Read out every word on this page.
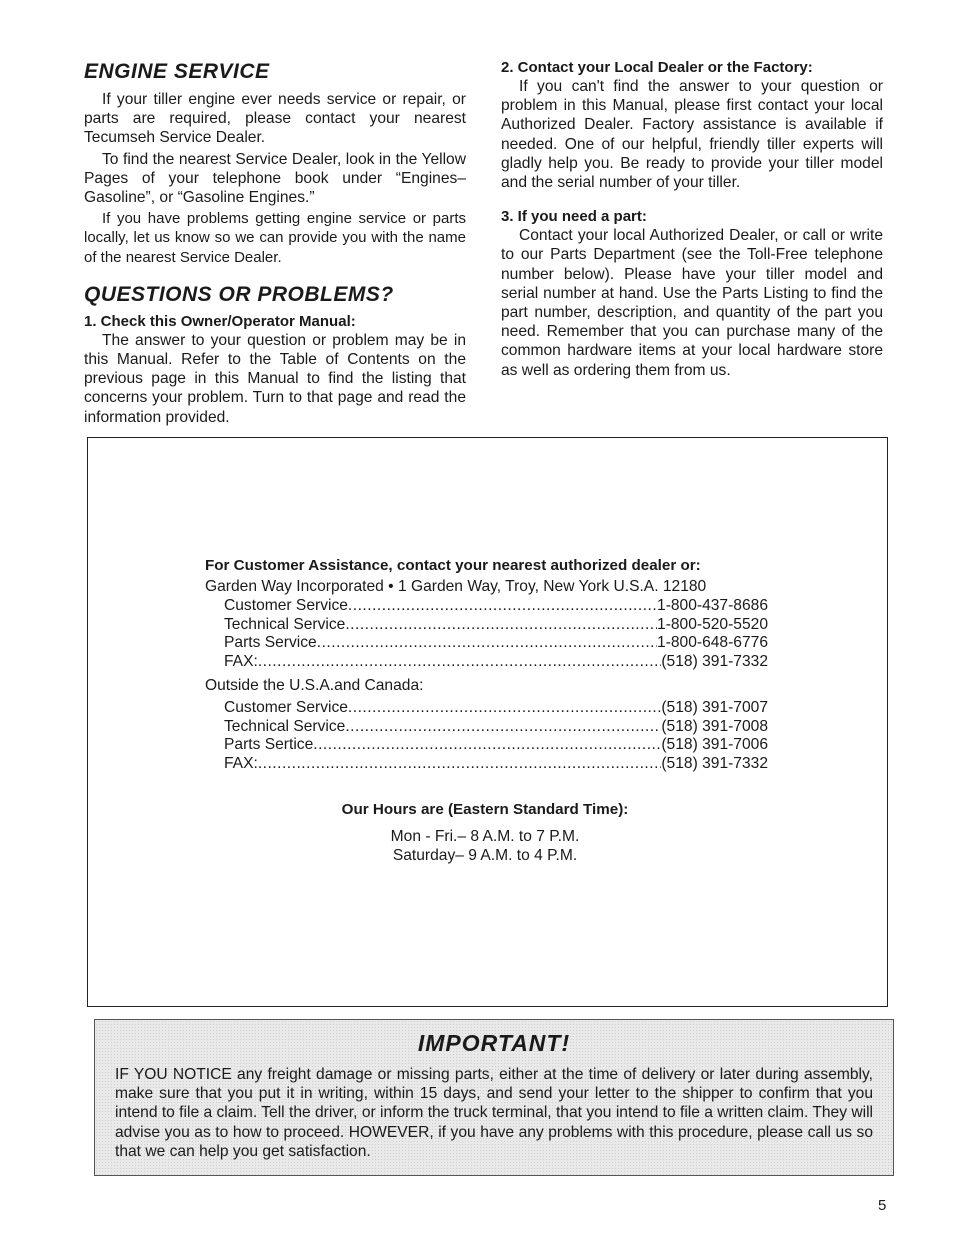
ENGINE SERVICE

If your tiller engine ever needs service or repair, or parts are required, please contact your nearest Tecumseh Service Dealer.

To find the nearest Service Dealer, look in the Yellow Pages of your telephone book under “Engines– Gasoline”, or “Gasoline Engines.”

If you have problems getting engine service or parts locally, let us know so we can provide you with the name of the nearest Service Dealer.

QUESTIONS OR PROBLEMS?

1. Check this Owner/Operator Manual:

The answer to your question or problem may be in this Manual. Refer to the Table of Contents on the previous page in this Manual to find the listing that concerns your problem. Turn to that page and read the information provided.

2. Contact your Local Dealer or the Factory:

If you can't find the answer to your question or problem in this Manual, please first contact your local Authorized Dealer. Factory assistance is available if needed. One of our helpful, friendly tiller experts will gladly help you. Be ready to provide your tiller model and the serial number of your tiller.

3. If you need a part:

Contact your local Authorized Dealer, or call or write to our Parts Department (see the Toll-Free telephone number below). Please have your tiller model and serial number at hand. Use the Parts Listing to find the part number, description, and quantity of the part you need. Remember that you can purchase many of the common hardware items at your local hardware store as well as ordering them from us.

For Customer Assistance, contact your nearest authorized dealer or:
Garden Way Incorporated • 1 Garden Way, Troy, New York U.S.A. 12180
Customer Service .....	1-800-437-8686
Technical Service .....	1-800-520-5520
Parts Service .....	1-800-648-6776
FAX: .....	(518) 391-7332
Outside the U.S.A.and Canada:
Customer Service .....	(518) 391-7007
Technical Service .....	(518) 391-7008
Parts Sertice .....	(518) 391-7006
FAX: .....	(518) 391-7332
Our Hours are (Eastern Standard Time):
Mon - Fri.– 8 A.M. to 7 P.M.
Saturday– 9 A.M. to 4 P.M.
IMPORTANT!
IF YOU NOTICE any freight damage or missing parts, either at the time of delivery or later during assembly, make sure that you put it in writing, within 15 days, and send your letter to the shipper to confirm that you intend to file a claim. Tell the driver, or inform the truck terminal, that you intend to file a written claim. They will advise you as to how to proceed. HOWEVER, if you have any problems with this procedure, please call us so that we can help you get satisfaction.
5
